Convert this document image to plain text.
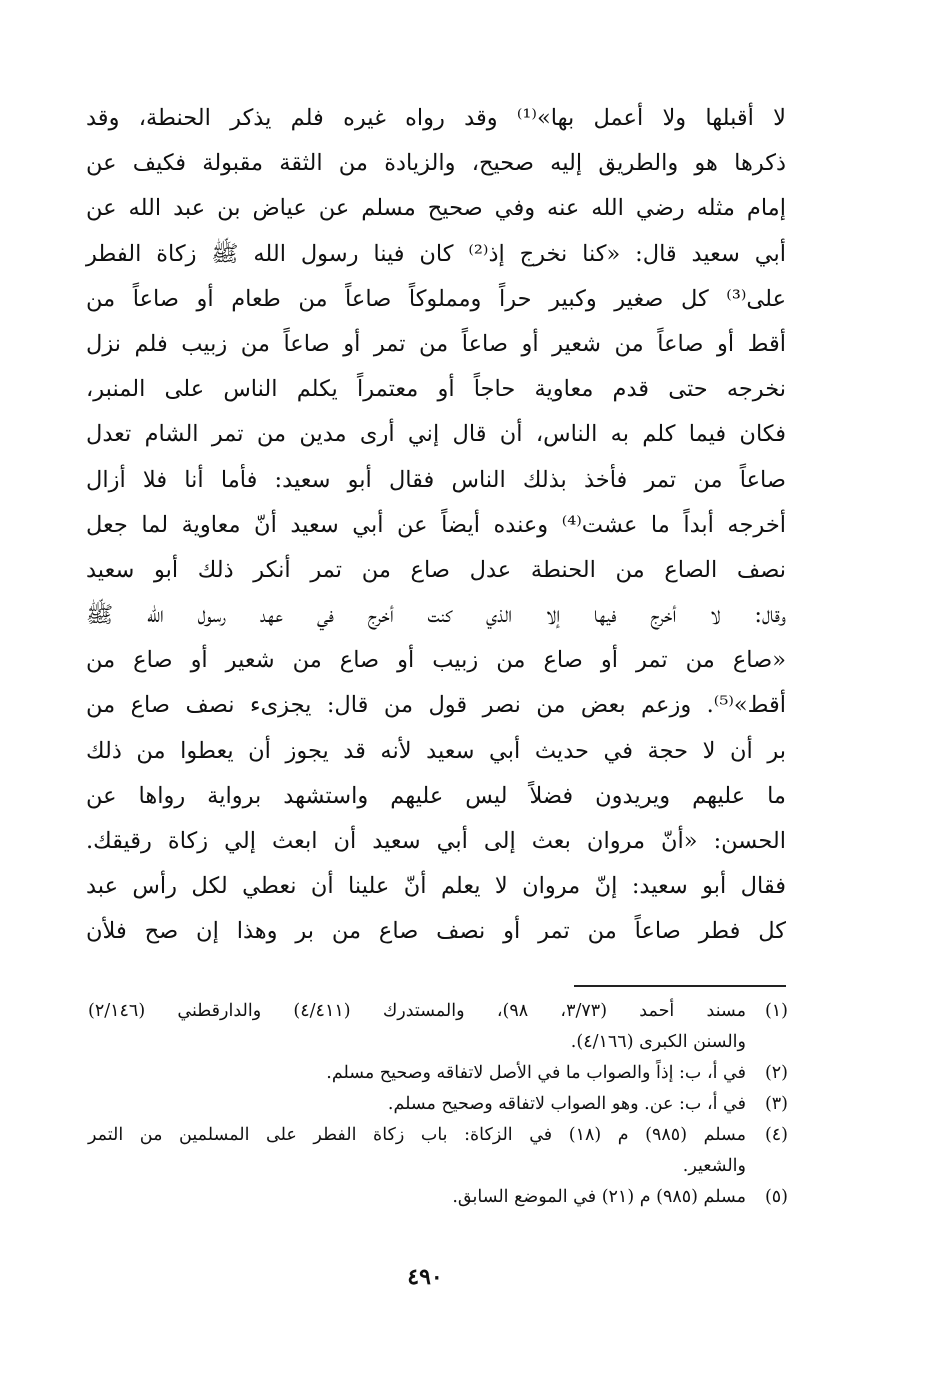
لا أقبلها ولا أعمل بها»⁽¹⁾ وقد رواه غيره فلم يذكر الحنطة، وقد
ذكرها هو والطريق إليه صحيح، والزيادة من الثقة مقبولة فكيف عن
إمام مثله رضي الله عنه وفي صحيح مسلم عن عياض بن عبد الله عن
أبي سعيد قال: «كنا نخرج إذ⁽²⁾ كان فينا رسول الله ﷺ زكاة الفطر
على⁽³⁾ كل صغير وكبير حراً ومملوكاً صاعاً من طعام أو صاعاً من
أقط أو صاعاً من شعير أو صاعاً من تمر أو صاعاً من زبيب فلم نزل
نخرجه حتى قدم معاوية حاجاً أو معتمراً يكلم الناس على المنبر،
فكان فيما كلم به الناس، أن قال إني أرى مدين من تمر الشام تعدل
صاعاً من تمر فأخذ بذلك الناس فقال أبو سعيد: فأما أنا فلا أزال
أخرجه أبداً ما عشت⁽⁴⁾ وعنده أيضاً عن أبي سعيد أنّ معاوية لما جعل
نصف الصاع من الحنطة عدل صاع من تمر أنكر ذلك أبو سعيد
وقال: لا أخرج فيها إلا الذي كنت أخرج في عهد رسول الله ﷺ
«صاع من تمر أو صاع من زبيب أو صاع من شعير أو صاع من
أقط»⁽⁵⁾. وزعم بعض من نصر قول من قال: يجزىء نصف صاع من
بر أن لا حجة في حديث أبي سعيد لأنه قد يجوز أن يعطوا من ذلك
ما عليهم ويريدون فضلاً ليس عليهم واستشهد برواية رواها عن
الحسن: «أنّ مروان بعث إلى أبي سعيد أن ابعث إلي زكاة رقيقك.
فقال أبو سعيد: إنّ مروان لا يعلم أنّ علينا أن نعطي لكل رأس عبد
كل فطر صاعاً من تمر أو نصف صاع من بر وهذا إن صح فلأن
(١)مسند أحمد (٣/٧٣، ٩٨)، والمستدرك (٤/٤١١) والدارقطني (٢/١٤٦)
والسنن الكبرى (٤/١٦٦).
(٢)في أ، ب: إذاً والصواب ما في الأصل لاتفاقه وصحيح مسلم.
(٣)في أ، ب: عن. وهو الصواب لاتفاقه وصحيح مسلم.
(٤)مسلم (٩٨٥) م (١٨) في الزكاة: باب زكاة الفطر على المسلمين من التمر
والشعير.
(٥)مسلم (٩٨٥) م (٢١) في الموضع السابق.
٤٩٠
